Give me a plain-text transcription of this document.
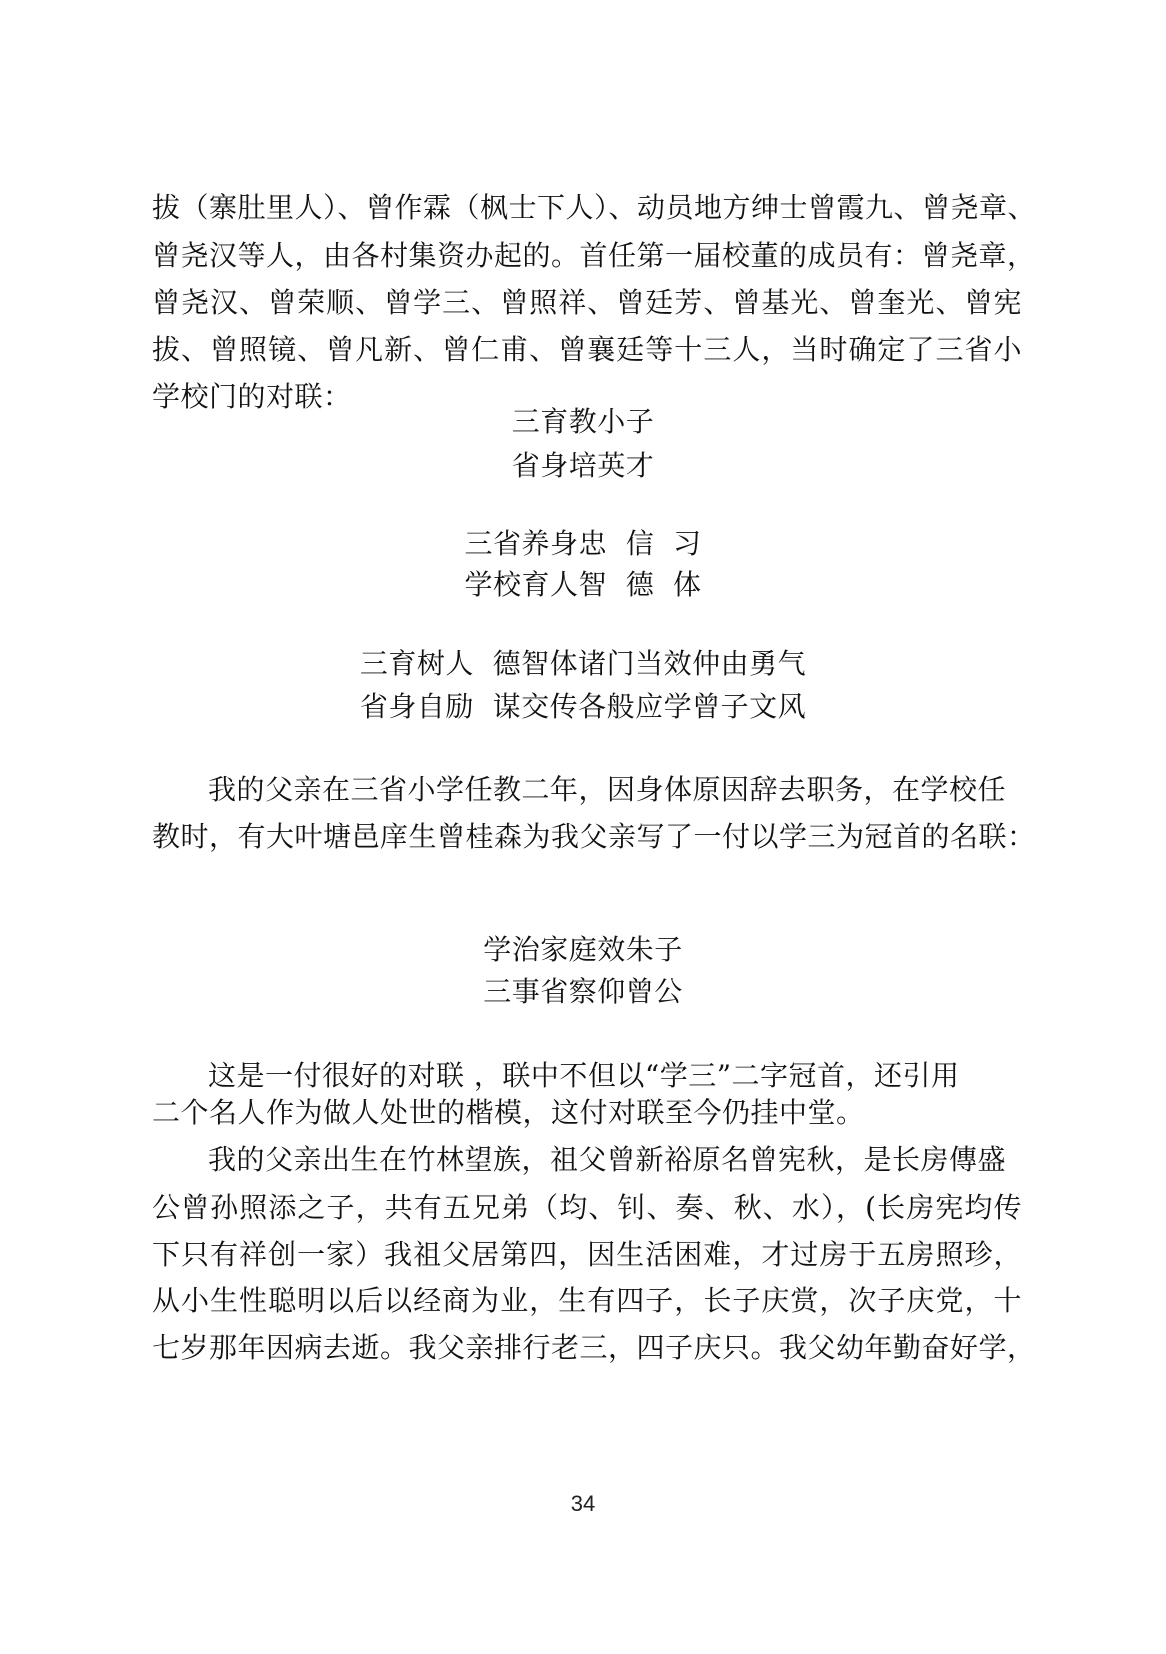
拔（寨肚里人）、曾作霖（枫士下人）、动员地方绅士曾霞九、曾尧章、
曾尧汉等人，由各村集资办起的。首任第一届校董的成员有：曾尧章，
曾尧汉、曾荣顺、曾学三、曾照祥、曾廷芳、曾基光、曾奎光、曾宪
拔、曾照镜、曾凡新、曾仁甫、曾襄廷等十三人，当时确定了三省小
学校门的对联：
三育教小子
省身培英才
三省养身忠  信  习
学校育人智  德  体
三育树人  德智体诸门当效仲由勇气
省身自励  谋交传各般应学曾子文风
我的父亲在三省小学任教二年，因身体原因辞去职务，在学校任
教时，有大叶塘邑庠生曾桂森为我父亲写了一付以学三为冠首的名联：
学治家庭效朱子
三事省察仰曾公
这是一付很好的对联 ，联中不但以“学三”二字冠首，还引用
二个名人作为做人处世的楷模，这付对联至今仍挂中堂。
我的父亲出生在竹林望族，祖父曾新裕原名曾宪秋，是长房傳盛
公曾孙照添之子，共有五兄弟（均、钊、奏、秋、水），(长房宪均传
下只有祥创一家）我祖父居第四，因生活困难，才过房于五房照珍，
从小生性聪明以后以经商为业，生有四子，长子庆赏，次子庆党，十
七岁那年因病去逝。我父亲排行老三，四子庆只。我父幼年勤奋好学，
34
